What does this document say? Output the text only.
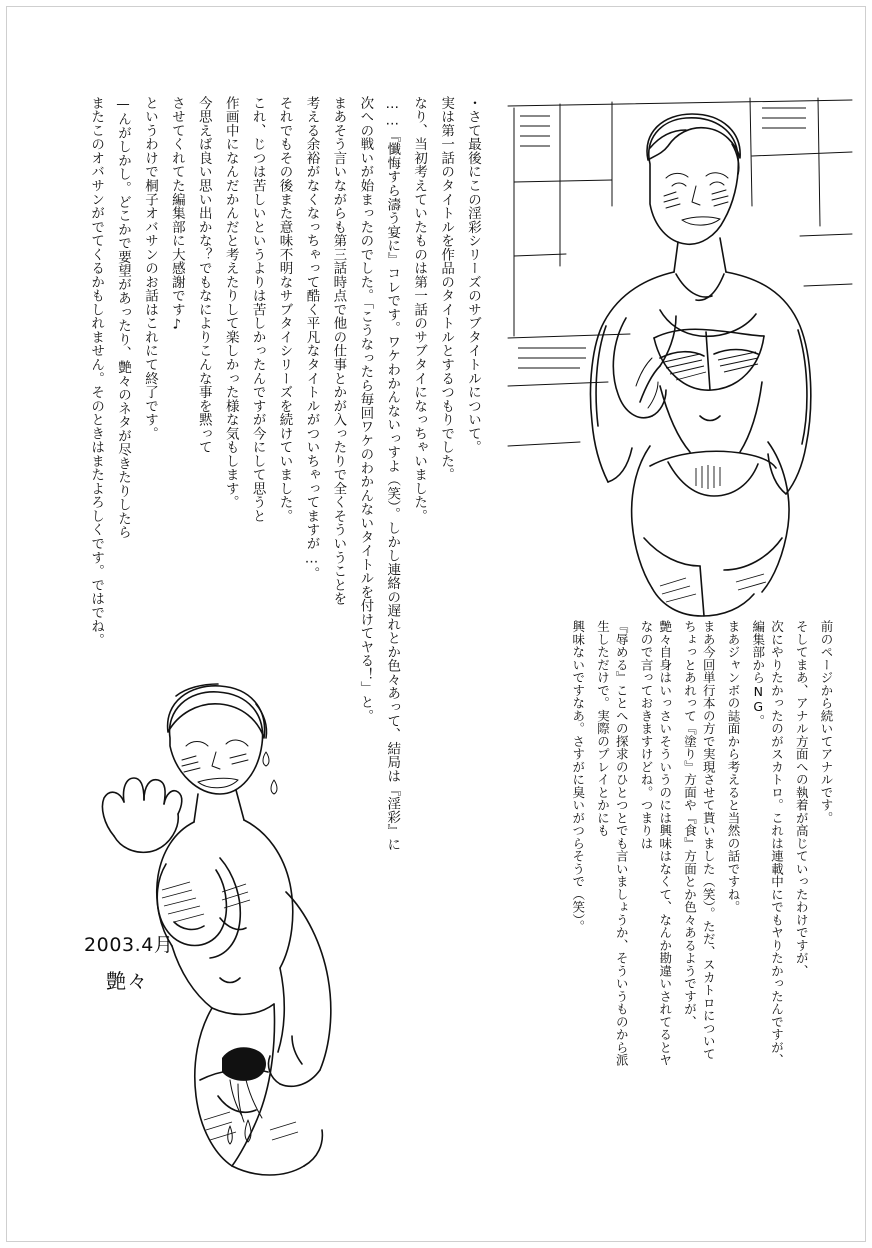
・さて最後にこの淫彩シリーズのサブタイトルについて。
実は第一話のタイトルを作品のタイトルとするつもりでした。
なり、当初考えていたものは第一話のサブタイになっちゃいました。
……『懺悔すら濤う宴に』コレです。ワケわかんないっすよ（笑）。しかし連絡の遅れとか色々あって、結局は『淫彩』に
次への戦いが始まったのでした。「こうなったら毎回ワケのわかんないタイトルを付けてヤる！」と。
まあそう言いながらも第三話時点で他の仕事とかが入ったりで全くそういうことを
考える余裕がなくなっちゃって酷く平凡なタイトルがついちゃってますが…。
それでもその後また意味不明なサブタイシリーズを続けていました。
これ、じつは苦しいというよりは苦しかったんですが今にして思うと
作画中になんだかんだと考えたりして楽しかった様な気もします。
今思えば良い思い出かな？でもなによりこんな事を黙って
させてくれてた編集部に大感謝です♪
というわけで桐子オバサンのお話はこれにて終了です。
—んがしかし。どこかで要望があったり、艶々のネタが尽きたりしたら
またこのオバサンがでてくるかもしれません。そのときはまたよろしくです。ではでね。
前のページから続いてアナルです。
そしてまあ、アナル方面への執着が高じていったわけですが、
次にやりたかったのがスカトロ。これは連載中にでもヤりたかったんですが、編集部からNG。
まあジャンボの誌面から考えると当然の話ですね。
まあ今回単行本の方で実現させて貰いました（笑）。ただ、スカトロについてちょっとあれって『塗り』方面や『食』方面とか色々あるようですが、
艶々自身はいっさいそういうのには興味はなくて、なんか勘違いされてるとヤなので言っておきますけどね。つまりは
『辱める』ことへの探求のひとつとでも言いましょうか、そういうものから派生しただけで。実際のプレイとかにも
興味ないですなあ。さすがに臭いがつらそうで（笑）。
2003.4月
艶々
